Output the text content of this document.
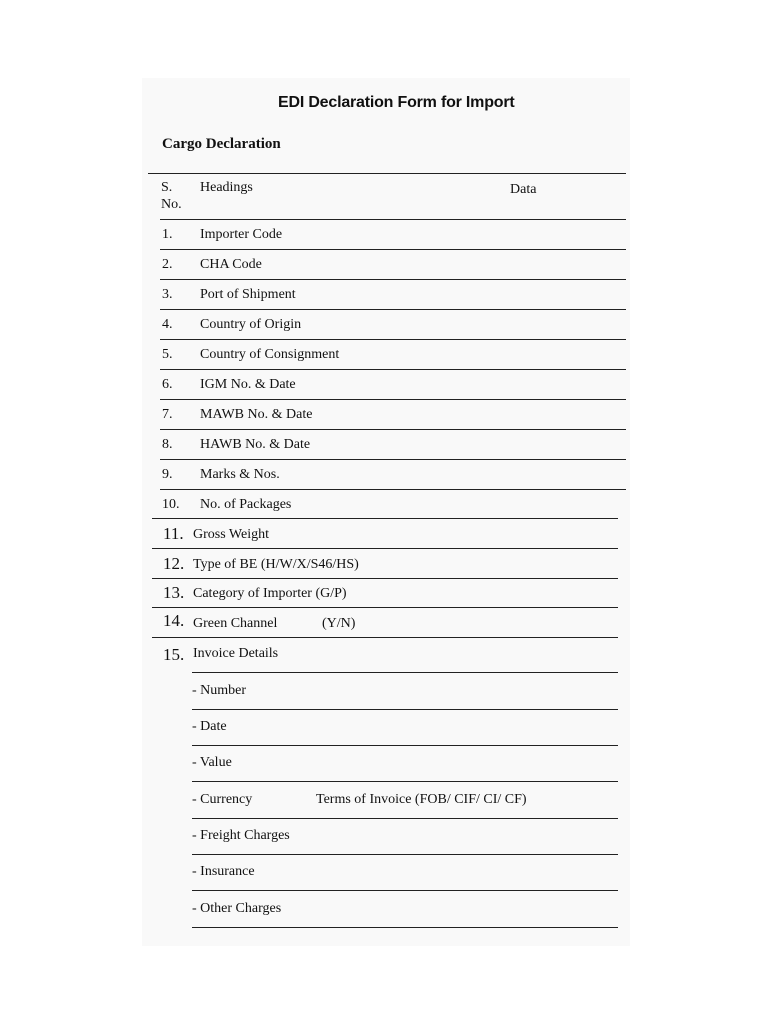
EDI Declaration Form for Import
Cargo Declaration
S.
No.
Headings	Data
1. Importer Code
2. CHA Code
3. Port of Shipment
4. Country of Origin
5. Country of Consignment
6. IGM No. & Date
7. MAWB No. & Date
8. HAWB No. & Date
9. Marks & Nos.
10. No. of Packages
11. Gross Weight
12. Type of BE (H/W/X/S46/HS)
13. Category of Importer (G/P)
14. Green Channel	(Y/N)
15. Invoice Details
- Number
- Date
- Value
- Currency	Terms of Invoice (FOB/ CIF/ CI/ CF)
- Freight Charges
- Insurance
- Other Charges
